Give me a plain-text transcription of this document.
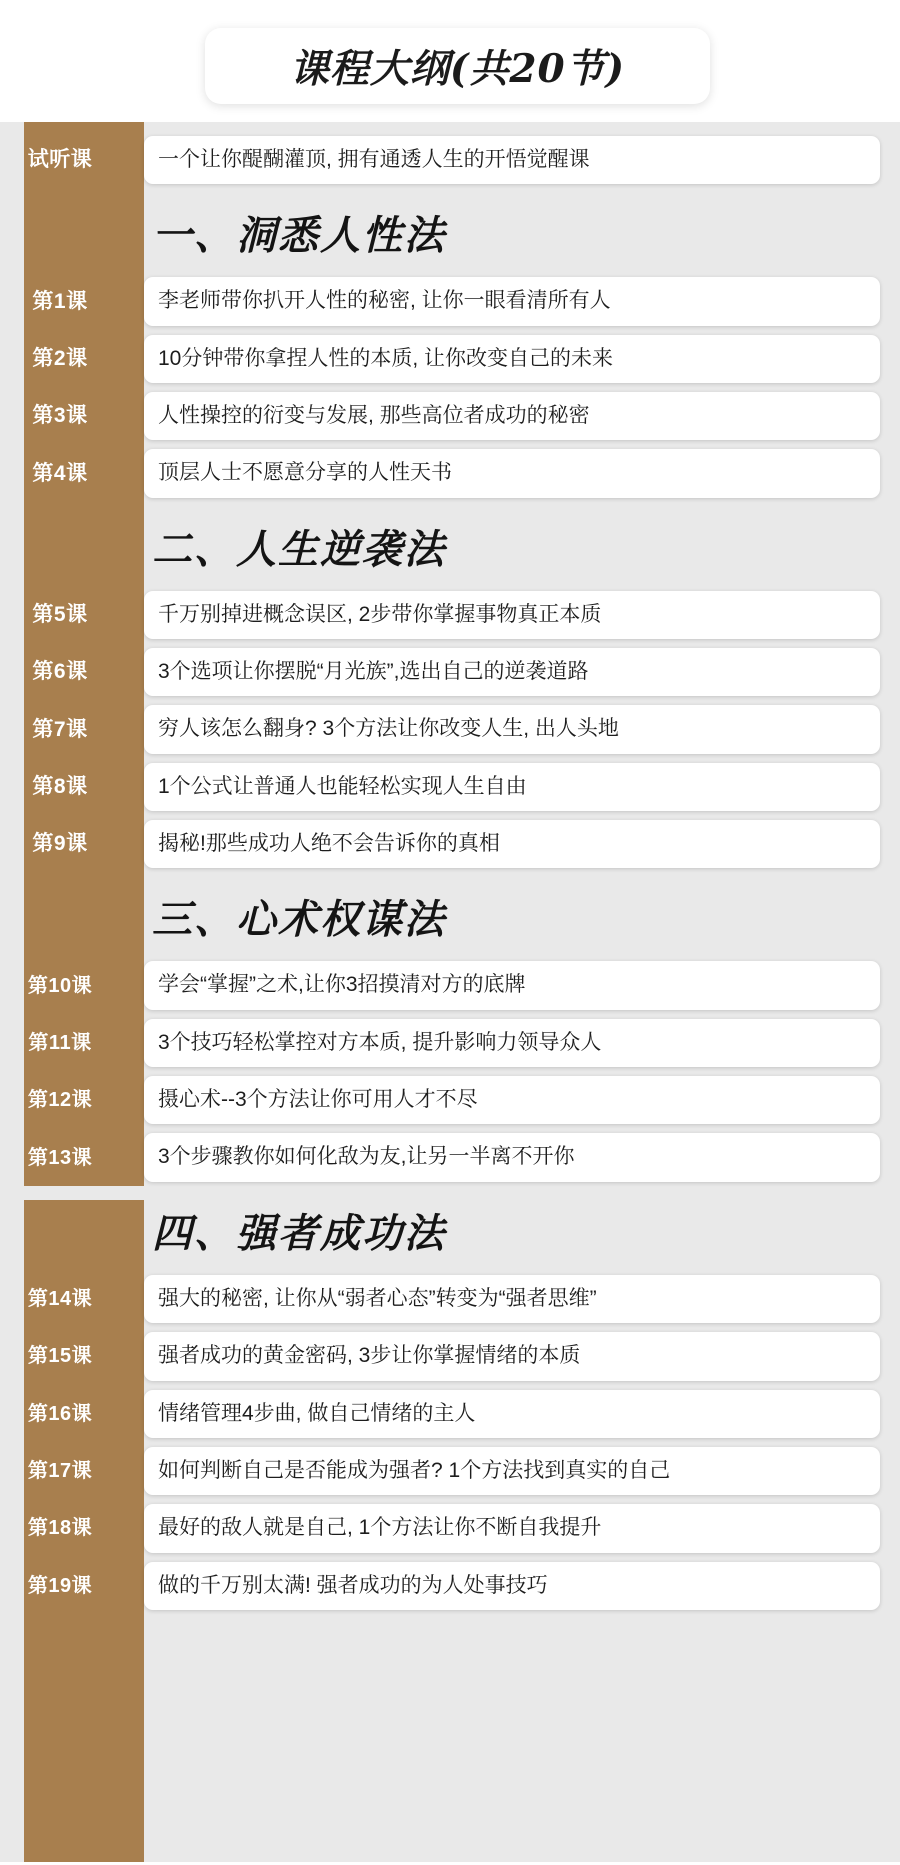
课程大纲(共20节)
试听课	一个让你醍醐灌顶, 拥有通透人生的开悟觉醒课
一、洞悉人性法
第1课	李老师带你扒开人性的秘密, 让你一眼看清所有人
第2课	10分钟带你拿捏人性的本质, 让你改变自己的未来
第3课	人性操控的衍变与发展, 那些高位者成功的秘密
第4课	顶层人士不愿意分享的人性天书
二、人生逆袭法
第5课	千万别掉进概念误区, 2步带你掌握事物真正本质
第6课	3个选项让你摆脱“月光族”,选出自己的逆袭道路
第7课	穷人该怎么翻身? 3个方法让你改变人生, 出人头地
第8课	1个公式让普通人也能轻松实现人生自由
第9课	揭秘!那些成功人绝不会告诉你的真相
三、心术权谋法
第10课	学会“掌握”之术,让你3招摸清对方的底牌
第11课	3个技巧轻松掌控对方本质, 提升影响力领导众人
第12课	摄心术--3个方法让你可用人才不尽
第13课	3个步骤教你如何化敌为友,让另一半离不开你
四、强者成功法
第14课	强大的秘密, 让你从“弱者心态”转变为“强者思维”
第15课	强者成功的黄金密码, 3步让你掌握情绪的本质
第16课	情绪管理4步曲, 做自己情绪的主人
第17课	如何判断自己是否能成为强者? 1个方法找到真实的自己
第18课	最好的敌人就是自己, 1个方法让你不断自我提升
第19课	做的千万别太满! 强者成功的为人处事技巧
